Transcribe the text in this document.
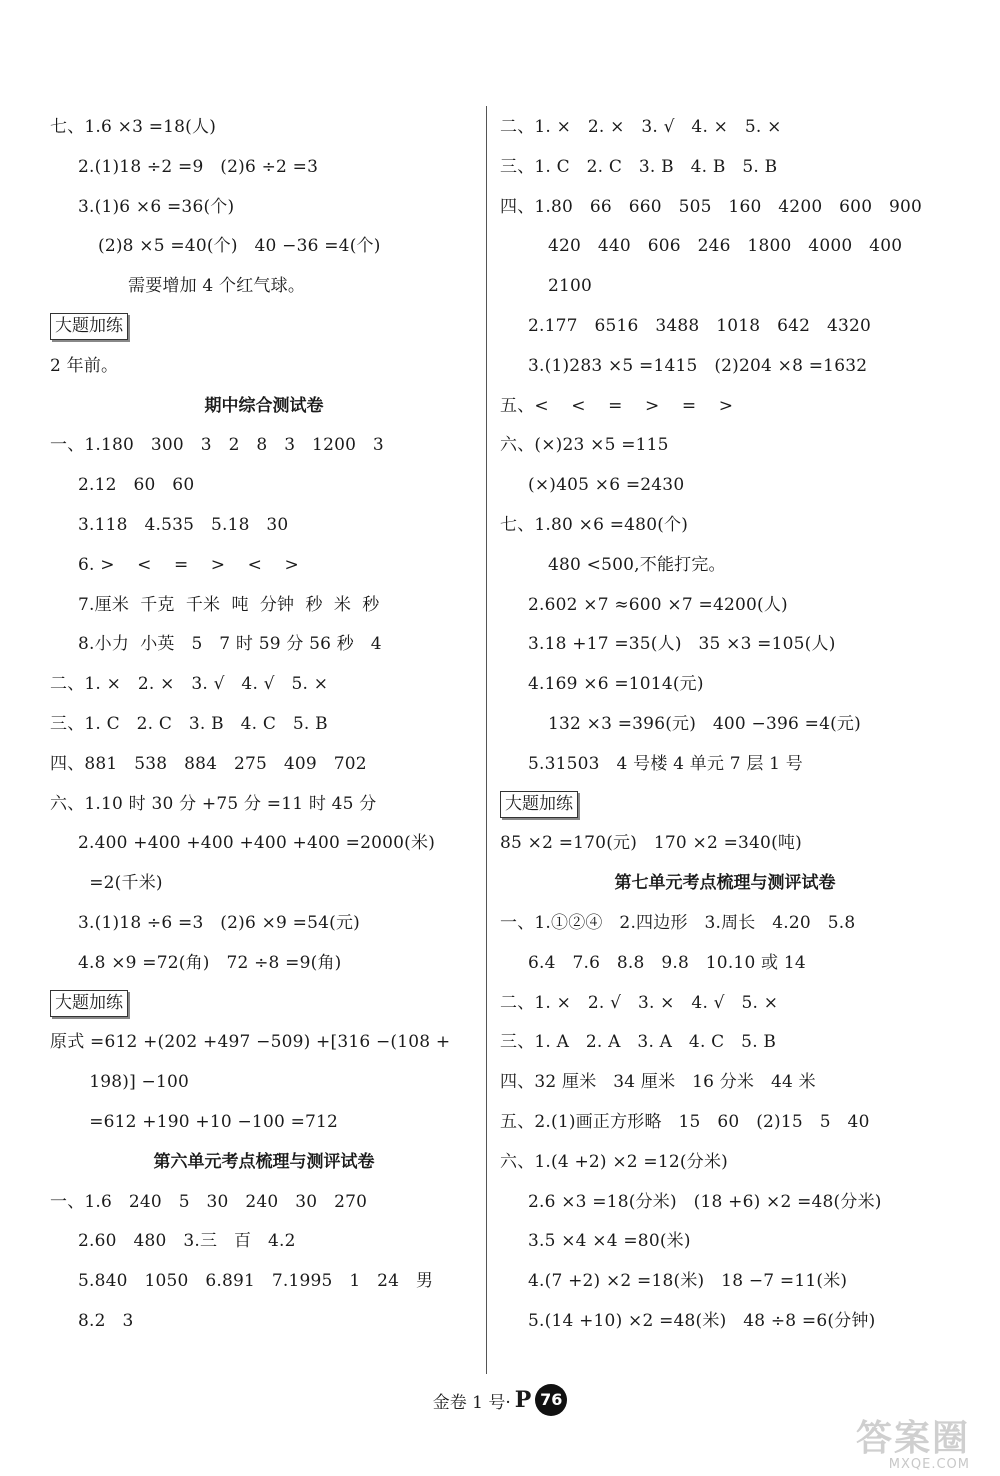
七、1.6 ×3 =18(人)
2.(1)18 ÷2 =9   (2)6 ÷2 =3
3.(1)6 ×6 =36(个)
(2)8 ×5 =40(个)   40 −36 =4(个)
需要增加 4 个红气球。
大题加练
2 年前。
期中综合测试卷
一、1.180   300   3   2   8   3   1200   3
2.12   60   60
3.118   4.535   5.18   30
6. >    <    =    >    <    >
7.厘米  千克  千米  吨  分钟  秒  米  秒
8.小力  小英   5   7 时 59 分 56 秒   4
二、1. ×   2. ×   3. √   4. √   5. ×
三、1. C   2. C   3. B   4. C   5. B
四、881   538   884   275   409   702
六、1.10 时 30 分 +75 分 =11 时 45 分
2.400 +400 +400 +400 +400 =2000(米)
=2(千米)
3.(1)18 ÷6 =3   (2)6 ×9 =54(元)
4.8 ×9 =72(角)   72 ÷8 =9(角)
大题加练
原式 =612 +(202 +497 −509) +[316 −(108 +
198)] −100
=612 +190 +10 −100 =712
第六单元考点梳理与测评试卷
一、1.6   240   5   30   240   30   270
2.60   480   3.三   百   4.2
5.840   1050   6.891   7.1995   1   24   男
8.2   3
二、1. ×   2. ×   3. √   4. ×   5. ×
三、1. C   2. C   3. B   4. B   5. B
四、1.80   66   660   505   160   4200   600   900
420   440   606   246   1800   4000   400
2100
2.177   6516   3488   1018   642   4320
3.(1)283 ×5 =1415   (2)204 ×8 =1632
五、<    <    =    >    =    >
六、(×)23 ×5 =115
(×)405 ×6 =2430
七、1.80 ×6 =480(个)
480 <500,不能打完。
2.602 ×7 ≈600 ×7 =4200(人)
3.18 +17 =35(人)   35 ×3 =105(人)
4.169 ×6 =1014(元)
132 ×3 =396(元)   400 −396 =4(元)
5.31503   4 号楼 4 单元 7 层 1 号
大题加练
85 ×2 =170(元)   170 ×2 =340(吨)
第七单元考点梳理与测评试卷
一、1.①②④   2.四边形   3.周长   4.20   5.8
6.4   7.6   8.8   9.8   10.10 或 14
二、1. ×   2. √   3. ×   4. √   5. ×
三、1. A   2. A   3. A   4. C   5. B
四、32 厘米   34 厘米   16 分米   44 米
五、2.(1)画正方形略   15   60   (2)15   5   40
六、1.(4 +2) ×2 =12(分米)
2.6 ×3 =18(分米)   (18 +6) ×2 =48(分米)
3.5 ×4 ×4 =80(米)
4.(7 +2) ×2 =18(米)   18 −7 =11(米)
5.(14 +10) ×2 =48(米)   48 ÷8 =6(分钟)
金卷 1 号· P 76
答案圈
MXQE.COM
